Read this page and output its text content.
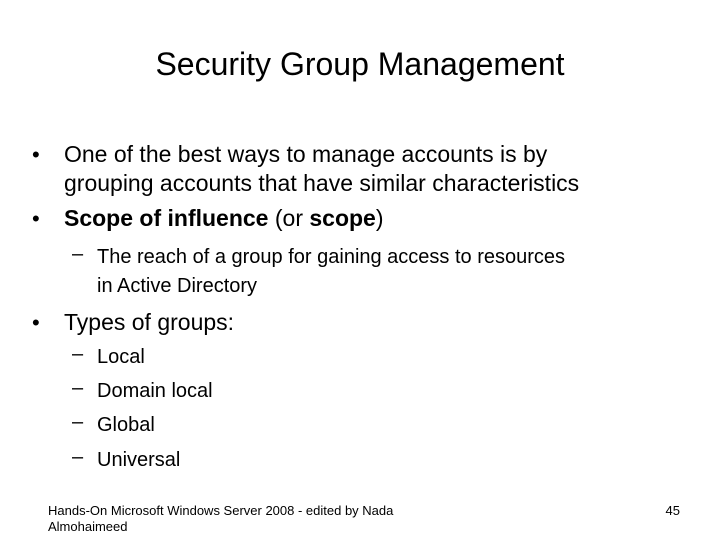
Security Group Management
• One of the best ways to manage accounts is by
grouping accounts that have similar characteristics
• Scope of influence (or scope)
– The reach of a group for gaining access to resources
in Active Directory
• Types of groups:
– Local
– Domain local
– Global
– Universal
Hands-On Microsoft Windows Server 2008 - edited by Nada
Almohaimeed
45
